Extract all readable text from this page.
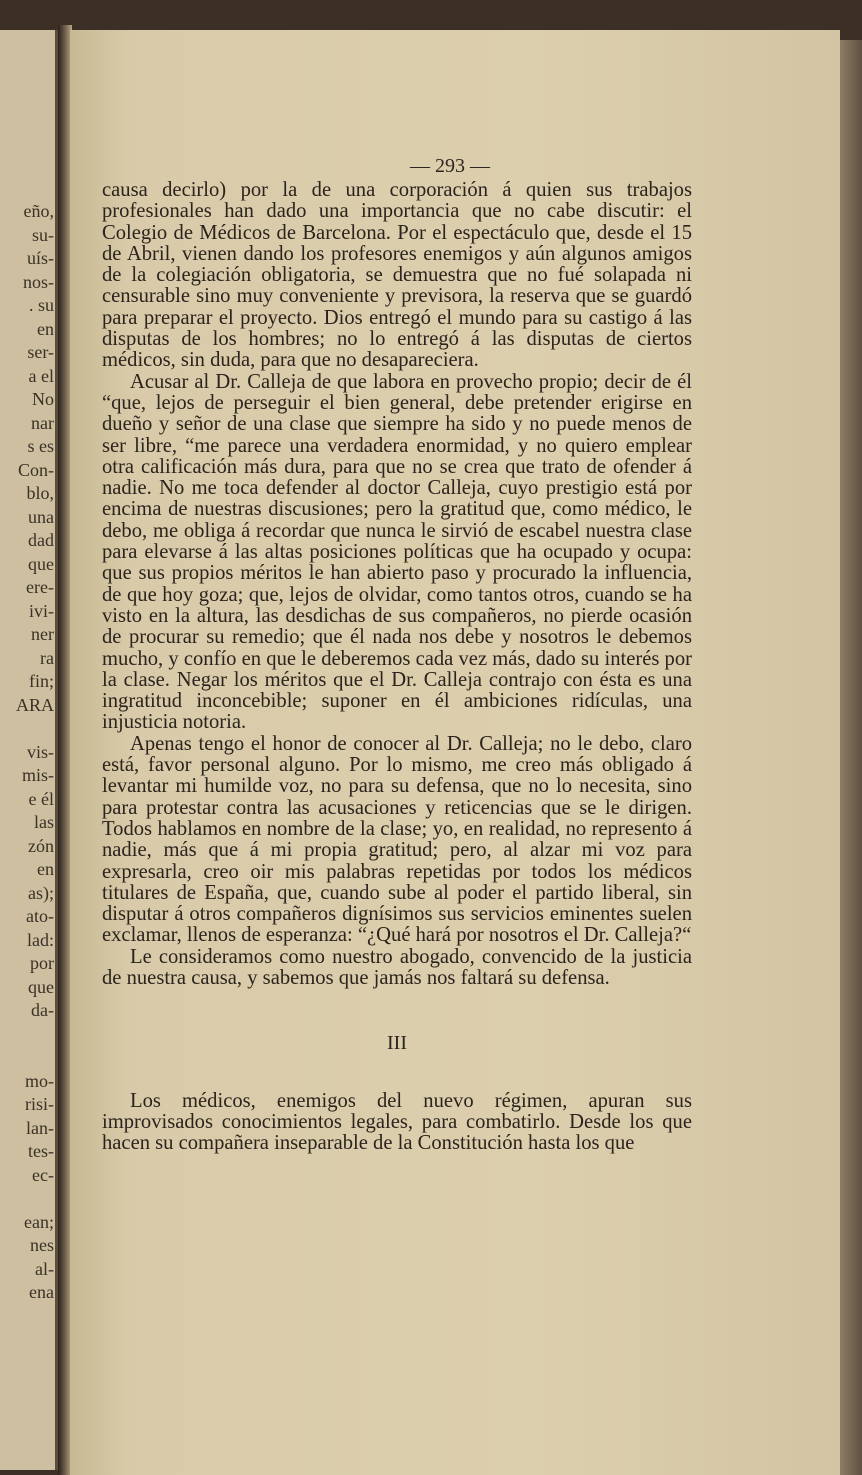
eño,
su-
uís-
nos-
. su
en
ser-
a el
No
nar
s es
Con-
blo,
una
dad
que
ere-
ivi-
ner
ra
fin;
ARA
vis-
mis-
e él
las
zón
en
as);
ato-
lad:
por
que
da-
mo-
risi-
lan-
tes-
ec-
ean;
nes
al-
ena
— 293 —

causa decirlo) por la de una corporación á quien sus trabajos profesionales han dado una importancia que no cabe discutir: el Colegio de Médicos de Barcelona. Por el espectáculo que, desde el 15 de Abril, vienen dando los profesores enemigos y aún algunos amigos de la colegiación obligatoria, se demuestra que no fué solapada ni censurable sino muy conveniente y previsora, la reserva que se guardó para preparar el proyecto. Dios entregó el mundo para su castigo á las disputas de los hombres; no lo entregó á las disputas de ciertos médicos, sin duda, para que no desapareciera.

Acusar al Dr. Calleja de que labora en provecho propio; decir de él “que, lejos de perseguir el bien general, debe pretender erigirse en dueño y señor de una clase que siempre ha sido y no puede menos de ser libre, “me parece una verdadera enormidad, y no quiero emplear otra calificación más dura, para que no se crea que trato de ofender á nadie. No me toca defender al doctor Calleja, cuyo prestigio está por encima de nuestras discusiones; pero la gratitud que, como médico, le debo, me obliga á recordar que nunca le sirvió de escabel nuestra clase para elevarse á las altas posiciones políticas que ha ocupado y ocupa: que sus propios méritos le han abierto paso y procurado la influencia, de que hoy goza; que, lejos de olvidar, como tantos otros, cuando se ha visto en la altura, las desdichas de sus compañeros, no pierde ocasión de procurar su remedio; que él nada nos debe y nosotros le debemos mucho, y confío en que le deberemos cada vez más, dado su interés por la clase. Negar los méritos que el Dr. Calleja contrajo con ésta es una ingratitud inconcebible; suponer en él ambiciones ridículas, una injusticia notoria.

Apenas tengo el honor de conocer al Dr. Calleja; no le debo, claro está, favor personal alguno. Por lo mismo, me creo más obligado á levantar mi humilde voz, no para su defensa, que no lo necesita, sino para protestar contra las acusaciones y reticencias que se le dirigen. Todos hablamos en nombre de la clase; yo, en realidad, no represento á nadie, más que á mi propia gratitud; pero, al alzar mi voz para expresarla, creo oir mis palabras repetidas por todos los médicos titulares de España, que, cuando sube al poder el partido liberal, sin disputar á otros compañeros dignísimos sus servicios eminentes suelen exclamar, llenos de esperanza: “¿Qué hará por nosotros el Dr. Calleja?“

Le consideramos como nuestro abogado, convencido de la justicia de nuestra causa, y sabemos que jamás nos faltará su defensa.

III

Los médicos, enemigos del nuevo régimen, apuran sus improvisados conocimientos legales, para combatirlo. Desde los que hacen su compañera inseparable de la Constitución hasta los que
